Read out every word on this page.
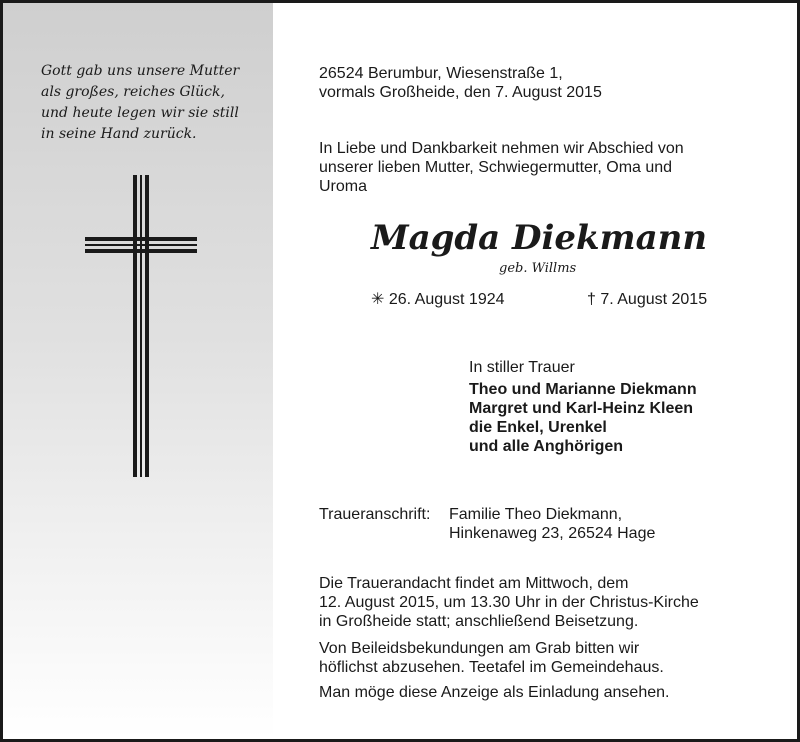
Gott gab uns unsere Mutter
als großes, reiches Glück,
und heute legen wir sie still
in seine Hand zurück.
26524 Berumbur, Wiesenstraße 1,
vormals Großheide, den 7. August 2015
In Liebe und Dankbarkeit nehmen wir Abschied von
unserer lieben Mutter, Schwiegermutter, Oma und
Uroma
Magda Diekmann
geb. Willms
✳ 26. August 1924	† 7. August 2015
In stiller Trauer
Theo und Marianne Diekmann
Margret und Karl-Heinz Kleen
die Enkel, Urenkel
und alle Anghörigen
Traueranschrift: Familie Theo Diekmann,
Hinkenaweg 23, 26524 Hage
Die Trauerandacht findet am Mittwoch, dem
12. August 2015, um 13.30 Uhr in der Christus-Kirche
in Großheide statt; anschließend Beisetzung.
Von Beileidsbekundungen am Grab bitten wir
höflichst abzusehen. Teetafel im Gemeindehaus.
Man möge diese Anzeige als Einladung ansehen.
